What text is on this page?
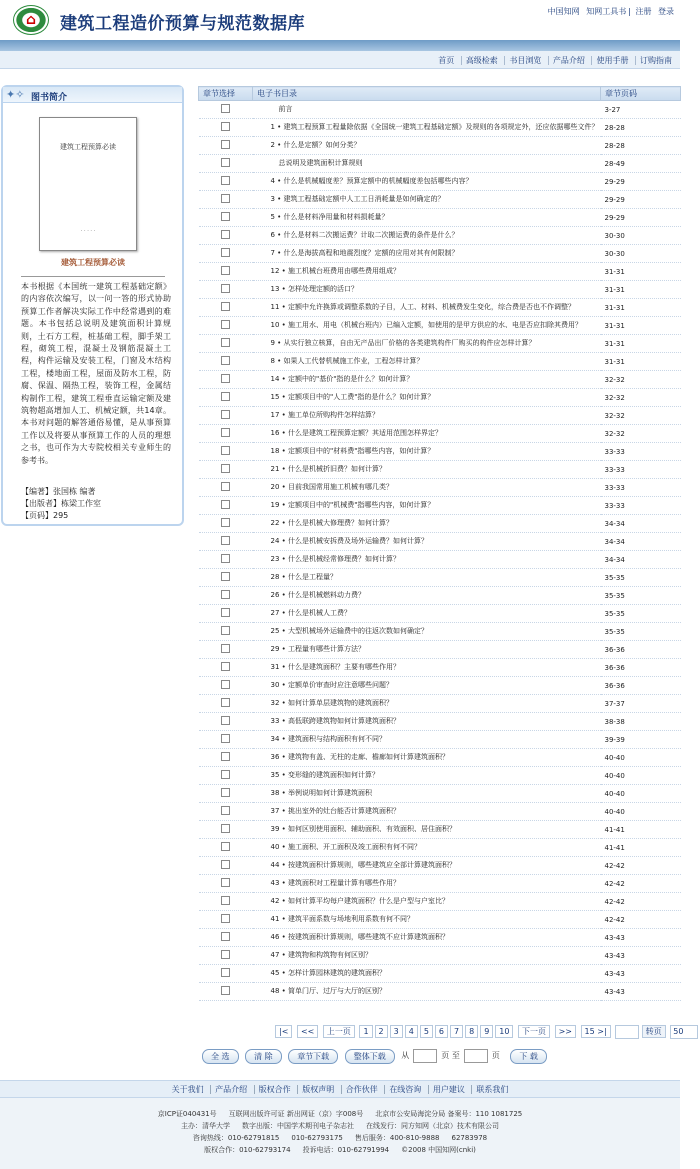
⌂ 建筑工程造价预算与规范数据库
中国知网 知网工具书 | 注册 登录
首页 高级检索 书目浏览 产品介绍 使用手册 订购指南
✦✧ 图书简介
建筑工程预算必读
· · · · ·
建筑工程预算必读
本书根据《本国统一建筑工程基础定额》的内容依次编写，以一问一答的形式协助预算工作者解决实际工作中经常遇到的难题。本书包括总说明及建筑面积计算规则，土石方工程，桩基础工程，脚手架工程，砌筑工程，混凝土及钢筋混凝土工程，构件运输及安装工程，门窗及木结构工程，楼地面工程，屋面及防水工程，防腐、保温、隔热工程，装饰工程，金属结构制作工程，建筑工程垂直运输定额及建筑物超高增加人工、机械定额，共14章。本书对问题的解答通俗易懂，是从事预算工作以及将要从事预算工作的人员的理想之书，也可作为大专院校相关专业师生的参考书。
【编著】张国栋 编著
【出版者】栋梁工作室
【页码】295
章节选择	电子书目录	章节页码
	前言	3-27
	1 • 建筑工程预算工程量除依据《全国统一建筑工程基础定额》及规则的各项规定外，还应依据哪些文件？	28-28
	2 • 什么是定额？如何分类？	28-28
	总说明及建筑面积计算规则	28-49
	4 • 什么是机械幅度差？预算定额中的机械幅度差包括哪些内容？	29-29
	3 • 建筑工程基础定额中人工工日消耗量是如何确定的？	29-29
	5 • 什么是材料净用量和材料损耗量？	29-29
	6 • 什么是材料二次搬运费？计取二次搬运费的条件是什么？	30-30
	7 • 什么是海拔高程和地震烈度？定额的应用对其有何限制？	30-30
	12 • 施工机械台班费用由哪些费用组成？	31-31
	13 • 怎样处理定额的活口？	31-31
	11 • 定额中允许换算或调整系数的子目，人工、材料、机械费发生变化，综合费是否也不作调整？	31-31
	10 • 施工用水、用电（机械台班内）已编入定额，如使用的是甲方供应的水、电是否应扣除其费用？	31-31
	9 • 从实行独立核算，自由无产品出厂价格的各类建筑构件厂购买的构件应怎样计算？	31-31
	8 • 如果人工代替机械施工作业，工程怎样计算？	31-31
	14 • 定额中的"基价"指的是什么？如何计算？	32-32
	15 • 定额项目中的"人工费"指的是什么？如何计算？	32-32
	17 • 施工单位所购构件怎样结算？	32-32
	16 • 什么是建筑工程预算定额？其适用范围怎样界定？	32-32
	18 • 定额项目中的"材料费"指哪些内容，如何计算？	33-33
	21 • 什么是机械折旧费？如何计算？	33-33
	20 • 目前我国常用施工机械有哪几类？	33-33
	19 • 定额项目中的"机械费"指哪些内容，如何计算？	33-33
	22 • 什么是机械大修理费？如何计算？	34-34
	24 • 什么是机械安拆费及场外运输费？如何计算？	34-34
	23 • 什么是机械经常修理费？如何计算？	34-34
	28 • 什么是工程量？	35-35
	26 • 什么是机械燃料动力费？	35-35
	27 • 什么是机械人工费？	35-35
	25 • 大型机械场外运输费中的往返次数如何确定？	35-35
	29 • 工程量有哪些计算方法？	36-36
	31 • 什么是建筑面积？主要有哪些作用？	36-36
	30 • 定额单价审查时应注意哪些问题？	36-36
	32 • 如何计算单层建筑物的建筑面积？	37-37
	33 • 高低联跨建筑物如何计算建筑面积？	38-38
	34 • 建筑面积与结构面积有何不同？	39-39
	36 • 建筑物有盖、无柱的走廊、檐廊如何计算建筑面积？	40-40
	35 • 变形缝的建筑面积如何计算？	40-40
	38 • 举例说明如何计算建筑面积	40-40
	37 • 挑出室外的灶台能否计算建筑面积？	40-40
	39 • 如何区别使用面积、辅助面积、有效面积、居住面积？	41-41
	40 • 施工面积、开工面积及竣工面积有何不同？	41-41
	44 • 按建筑面积计算规则，哪些建筑应全部计算建筑面积？	42-42
	43 • 建筑面积对工程量计算有哪些作用？	42-42
	42 • 如何计算平均每户建筑面积？什么是户型与户室比？	42-42
	41 • 建筑平面系数与场地利用系数有何不同？	42-42
	46 • 按建筑面积计算规则，哪些建筑不应计算建筑面积？	43-43
	47 • 建筑物和构筑物有何区别？	43-43
	45 • 怎样计算园林建筑的建筑面积？	43-43
	48 • 简单门厅、过厅与大厅的区别？	43-43
|< << 上一页 1 2 3 4 5 6 7 8 9 10 下一页 >> 15 >|	转页 50
全 选	清 除	章节下载	整体下载 从	页 至	页 下 载
关于我们 产品介绍 版权合作 版权声明 合作伙伴 在线咨询 用户建议 联系我们
京ICP证040431号 互联网出版许可证 新出网证（京）字008号 北京市公安局海淀分局 备案号：110 1081725
主办：清华大学 数字出版：中国学术期刊电子杂志社 在线发行：同方知网（北京）技术有限公司
咨询热线：010-62791815 010-62793175 售后服务：400-810-9888 62783978
版权合作：010-62793174 投诉电话：010-62791994 ©2008 中国知网(cnki)
